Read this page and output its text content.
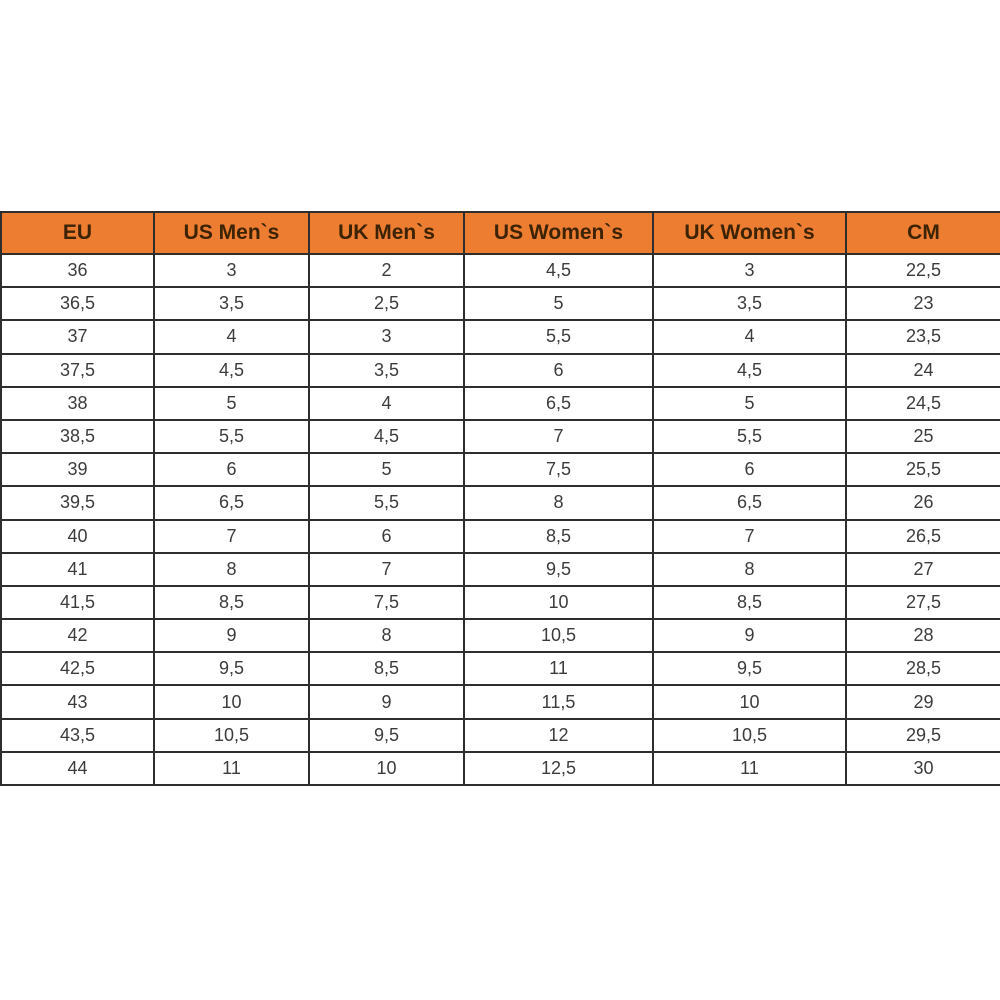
EU	US Men`s	UK Men`s	US Women`s	UK Women`s	CM
36	3	2	4,5	3	22,5
36,5	3,5	2,5	5	3,5	23
37	4	3	5,5	4	23,5
37,5	4,5	3,5	6	4,5	24
38	5	4	6,5	5	24,5
38,5	5,5	4,5	7	5,5	25
39	6	5	7,5	6	25,5
39,5	6,5	5,5	8	6,5	26
40	7	6	8,5	7	26,5
41	8	7	9,5	8	27
41,5	8,5	7,5	10	8,5	27,5
42	9	8	10,5	9	28
42,5	9,5	8,5	11	9,5	28,5
43	10	9	11,5	10	29
43,5	10,5	9,5	12	10,5	29,5
44	11	10	12,5	11	30
